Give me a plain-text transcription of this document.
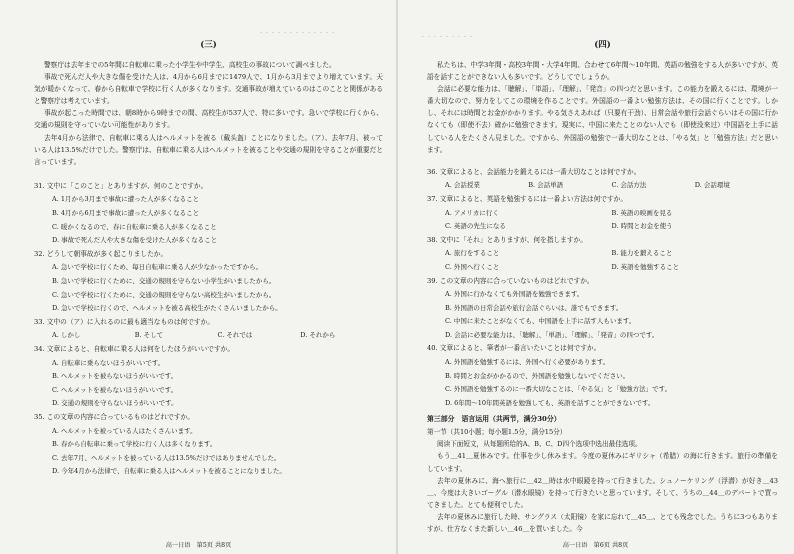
・・・・・・・・・・・・・
・・・・・・・・・
(三)

警察庁は去年までの5年間に自転車に乗った小学生や中学生、高校生の事故について調べました。

事故で死んだ人や大きな傷を受けた人は、4月から6月までに1479人で、1月から3月までより増えています。天気が暖かくなって、春から自転車で学校に行く人が多くなります。交通事故が増えているのはこのことと関係があると警察庁は考えています。

事故が起こった時間では、朝8時から9時までの間、高校生が537人で、特に多いです。急いで学校に行くから、交通の規則を守っていない可能性があります。

去年4月から法律で、自転車に乗る人はヘルメットを被る（戴头盔）ことになりました。（ア）、去年7月、被っている人は13.5%だけでした。警察庁は、自転車に乗る人はヘルメットを被ることや交通の規則を守ることが重要だと言っています。

31. 文中に「このこと」とありますが、何のことですか。

A. 1月から3月まで事故に遭った人が多くなること

B. 4月から6月まで事故に遭った人が多くなること

C. 暖かくなるので、春に自転車に乗る人が多くなること

D. 事故で死んだ人や大きな傷を受けた人が多くなること

32. どうして朝事故が多く起こりましたか。

A. 急いで学校に行くため、毎日自転車に乗る人が少なかったですから。

B. 急いで学校に行くために、交通の規則を守らない小学生がいましたから。

C. 急いで学校に行くために、交通の規則を守らない高校生がいましたから。

D. 急いで学校に行くので、ヘルメットを被る高校生がたくさんいましたから。

33. 文中の（ア）に入れるのに最も適当なものは何ですか。

A. しかし	B. そして	C. それでは	D. それから

34. 文章によると、自転車に乗る人は何をしたほうがいいですか。

A. 自転車に乗らないほうがいいです。

B. ヘルメットを被らないほうがいいです。

C. ヘルメットを被らないほうがいいです。

D. 交通の規則を守らないほうがいいです。

35. この文章の内容に合っているものはどれですか。

A. ヘルメットを被っている人はたくさんいます。

B. 春から自転車に乗って学校に行く人は多くなります。

C. 去年7月、ヘルメットを被っている人は13.5%だけではありませんでした。

D. 今年4月から法律で、自転車に乗る人はヘルメットを被ることになりました。

高一日语　第5页 共8页
(四)

私たちは、中学3年間・高校3年間・大学4年間、合わせて6年間〜10年間、英語の勉強をする人が多いですが、英語を話すことができない人も多いです。どうしてでしょうか。

会話に必要な能力は、「聴解」、「単語」、「理解」、「発音」の四つだと思います。この能力を鍛えるには、環境が一番大切なので、努力をしてこの環境を作ることです。外国語の一番よい勉強方法は、その国に行くことです。しかし、それには時間とお金がかかります。やる気さえあれば（只要有干劲）、日常会話や旅行会話ぐらいはその国に行かなくても（即使不去）確かに勉強できます。現実に、中国に来たことのない人でも（即使没来过）中国語を上手に話している人をたくさん見ました。ですから、外国語の勉強で一番大切なことは、「やる気」と「勉強方法」だと思います。

36. 文章によると、会話能力を鍛えるには一番大切なことは何ですか。

A. 会話授業	B. 会話単語	C. 会話方法	D. 会話環境

37. 文章によると、英語を勉強するには一番よい方法は何ですか。

A. アメリカに行く	B. 英語の映画を見る
C. 英語の先生になる	D. 時間とお金を使う

38. 文中に「それ」とありますが、何を指しますか。

A. 旅行をすること	B. 能力を鍛えること
C. 外国へ行くこと	D. 英語を勉強すること

39. この文章の内容に合っていないものはどれですか。

A. 外国に行かなくても外国語を勉強できます。

B. 外国語の日常会話や旅行会話ぐらいは、誰でもできます。

C. 中国に来たことがなくても、中国語を上手に話す人もいます。

D. 会話に必要な能力は、「聴解」、「単語」、「理解」、「発音」の四つです。

40. 文章によると、筆者が一番言いたいことは何ですか。

A. 外国語を勉強するには、外国へ行く必要があります。

B. 時間とお金がかかるので、外国語を勉強しないでください。

C. 外国語を勉強するのに一番大切なことは、「やる気」と「勉強方法」です。

D. 6年間〜10年間英語を勉強しても、英語を話すことができないです。

第三部分　语言运用（共两节，满分30分）

第一节（共10小题；每小题1.5分，满分15分）

阅读下面短文，从每题所给的A、B、C、D四个选项中选出最佳选项。

もう＿41＿夏休みです。仕事を少し休みます。今度の夏休みにギリシャ（希腊）の海に行きます。旅行の準備をしています。

去年の夏休みに、海へ旅行に＿42＿時は水中眼鏡を持って行きました。シュノーケリング（浮潜）が好き＿43＿、今度は大きいゴーグル（潜水眼镜）を持って行きたいと思っています。そして、うちの＿44＿のデパートで買ってきました。とても便利でした。

去年の夏休みに旅行した時、サングラス（太阳镜）を家に忘れて＿45＿、とても残念でした。うちに3つもありますが、仕方なくまた新しい＿46＿を買いました。今

高一日语　第6页 共8页
